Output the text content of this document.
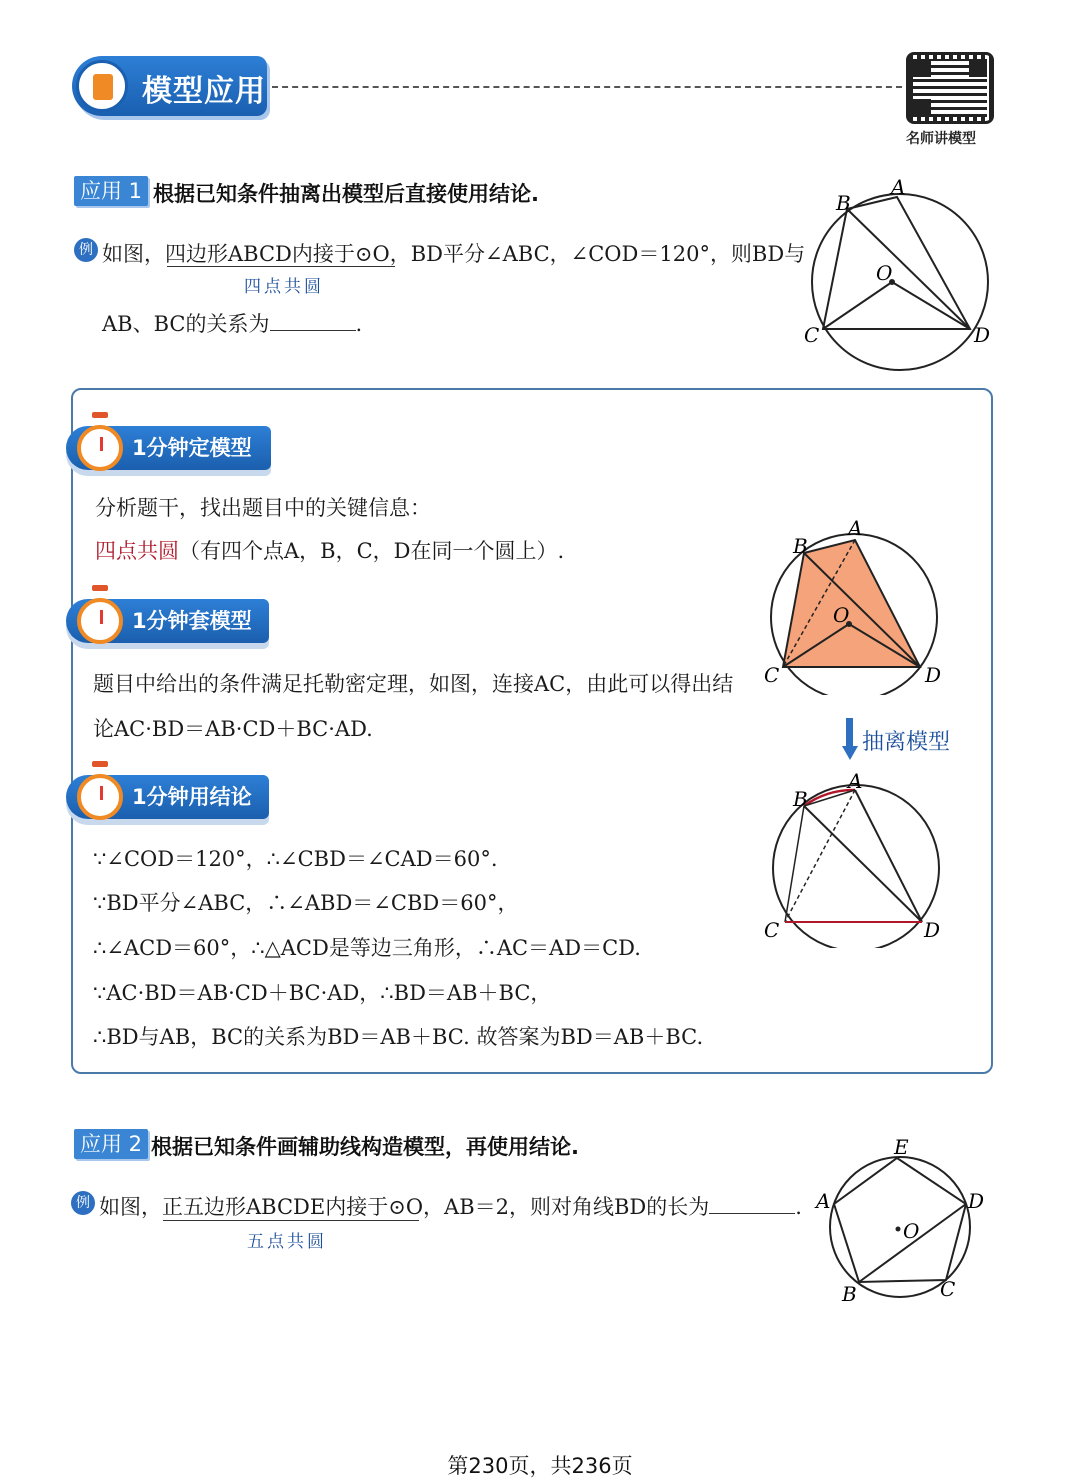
模型应用
名师讲模型
应用 1 根据已知条件抽离出模型后直接使用结论.
例 如图，四边形ABCD内接于⊙O，BD平分∠ABC，∠COD＝120°，则BD与
四点共圆
AB、BC的关系为	.
B
A
O
C	D
1分钟定模型
分析题干，找出题目中的关键信息：
四点共圆（有四个点A，B，C，D在同一个圆上）.
1分钟套模型
题目中给出的条件满足托勒密定理，如图，连接AC，由此可以得出结
论AC·BD＝AB·CD＋BC·AD.
1分钟用结论
∵∠COD＝120°，∴∠CBD＝∠CAD＝60°.
∵BD平分∠ABC，∴∠ABD＝∠CBD＝60°，
∴∠ACD＝60°，∴△ACD是等边三角形，∴AC＝AD＝CD.
∵AC·BD＝AB·CD＋BC·AD，∴BD＝AB＋BC，
∴BD与AB，BC的关系为BD＝AB＋BC. 故答案为BD＝AB＋BC.
B
A
O
C	D
抽离模型
B
A
C	D
应用 2 根据已知条件画辅助线构造模型，再使用结论.
例 如图，正五边形ABCDE内接于⊙O，AB＝2，则对角线BD的长为	.
五点共圆
E
D
A
O
C
B
第230页，共236页
